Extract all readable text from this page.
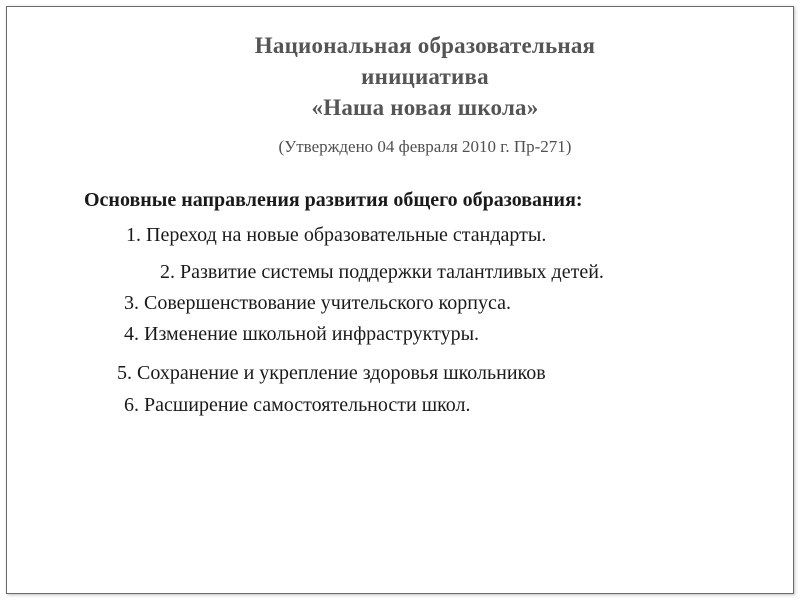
Национальная образовательная
инициатива
«Наша новая школа»
(Утверждено 04 февраля 2010 г. Пр-271)
Основные направления развития общего образования:
1. Переход на новые образовательные стандарты.
2. Развитие системы поддержки талантливых детей.
3. Совершенствование учительского корпуса.
4. Изменение школьной инфраструктуры.
5. Сохранение и укрепление здоровья школьников
6. Расширение самостоятельности школ.
